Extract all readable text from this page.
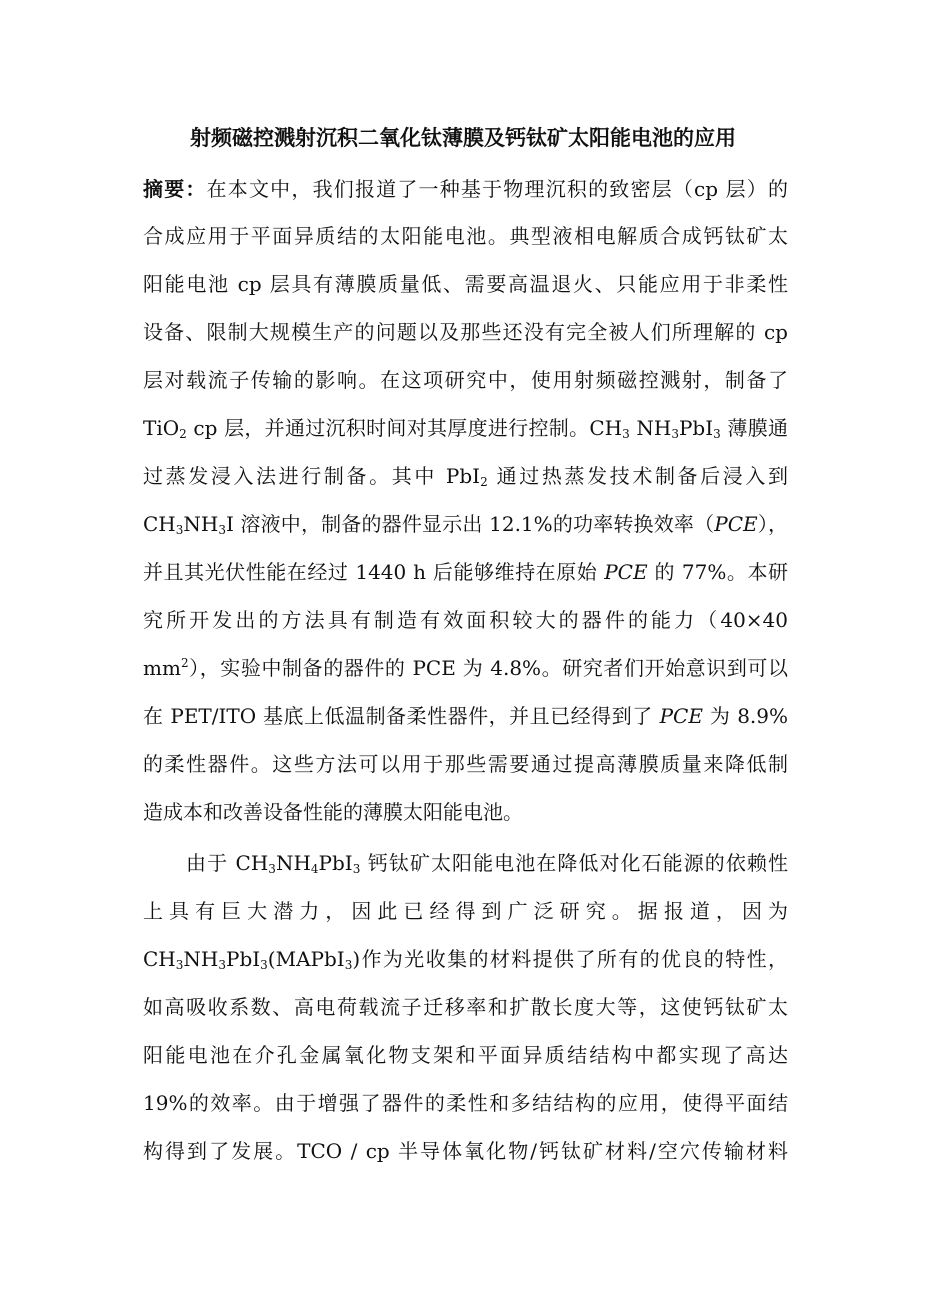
射频磁控溅射沉积二氧化钛薄膜及钙钛矿太阳能电池的应用
摘要：在本文中，我们报道了一种基于物理沉积的致密层（cp 层）的
合成应用于平面异质结的太阳能电池。典型液相电解质合成钙钛矿太
阳能电池 cp 层具有薄膜质量低、需要高温退火、只能应用于非柔性
设备、限制大规模生产的问题以及那些还没有完全被人们所理解的 cp
层对载流子传输的影响。在这项研究中，使用射频磁控溅射，制备了
TiO$_2$ cp 层，并通过沉积时间对其厚度进行控制。$CH_3$ $NH_3PbI_3$ 薄膜通
过蒸发浸入法进行制备。其中 PbI$_2$ 通过热蒸发技术制备后浸入到
$CH_3NH_3I$ 溶液中，制备的器件显示出 12.1%的功率转换效率（PCE），
并且其光伏性能在经过 1440 h 后能够维持在原始 PCE 的 77%。本研
究所开发出的方法具有制造有效面积较大的器件的能力（40×40
$mm^2$），实验中制备的器件的 PCE 为 4.8%。研究者们开始意识到可以
在 PET/ITO 基底上低温制备柔性器件，并且已经得到了 PCE 为 8.9%
的柔性器件。这些方法可以用于那些需要通过提高薄膜质量来降低制
造成本和改善设备性能的薄膜太阳能电池。
由于 $CH_3NH_4PbI_3$ 钙钛矿太阳能电池在降低对化石能源的依赖性
上具有巨大潜力，因此已经得到广泛研究。据报道，因为
$CH_3NH_3PbI_3(MAPbI_3)$作为光收集的材料提供了所有的优良的特性，
如高吸收系数、高电荷载流子迁移率和扩散长度大等，这使钙钛矿太
阳能电池在介孔金属氧化物支架和平面异质结结构中都实现了高达
19%的效率。由于增强了器件的柔性和多结结构的应用，使得平面结
构得到了发展。TCO / cp 半导体氧化物/钙钛矿材料/空穴传输材料
